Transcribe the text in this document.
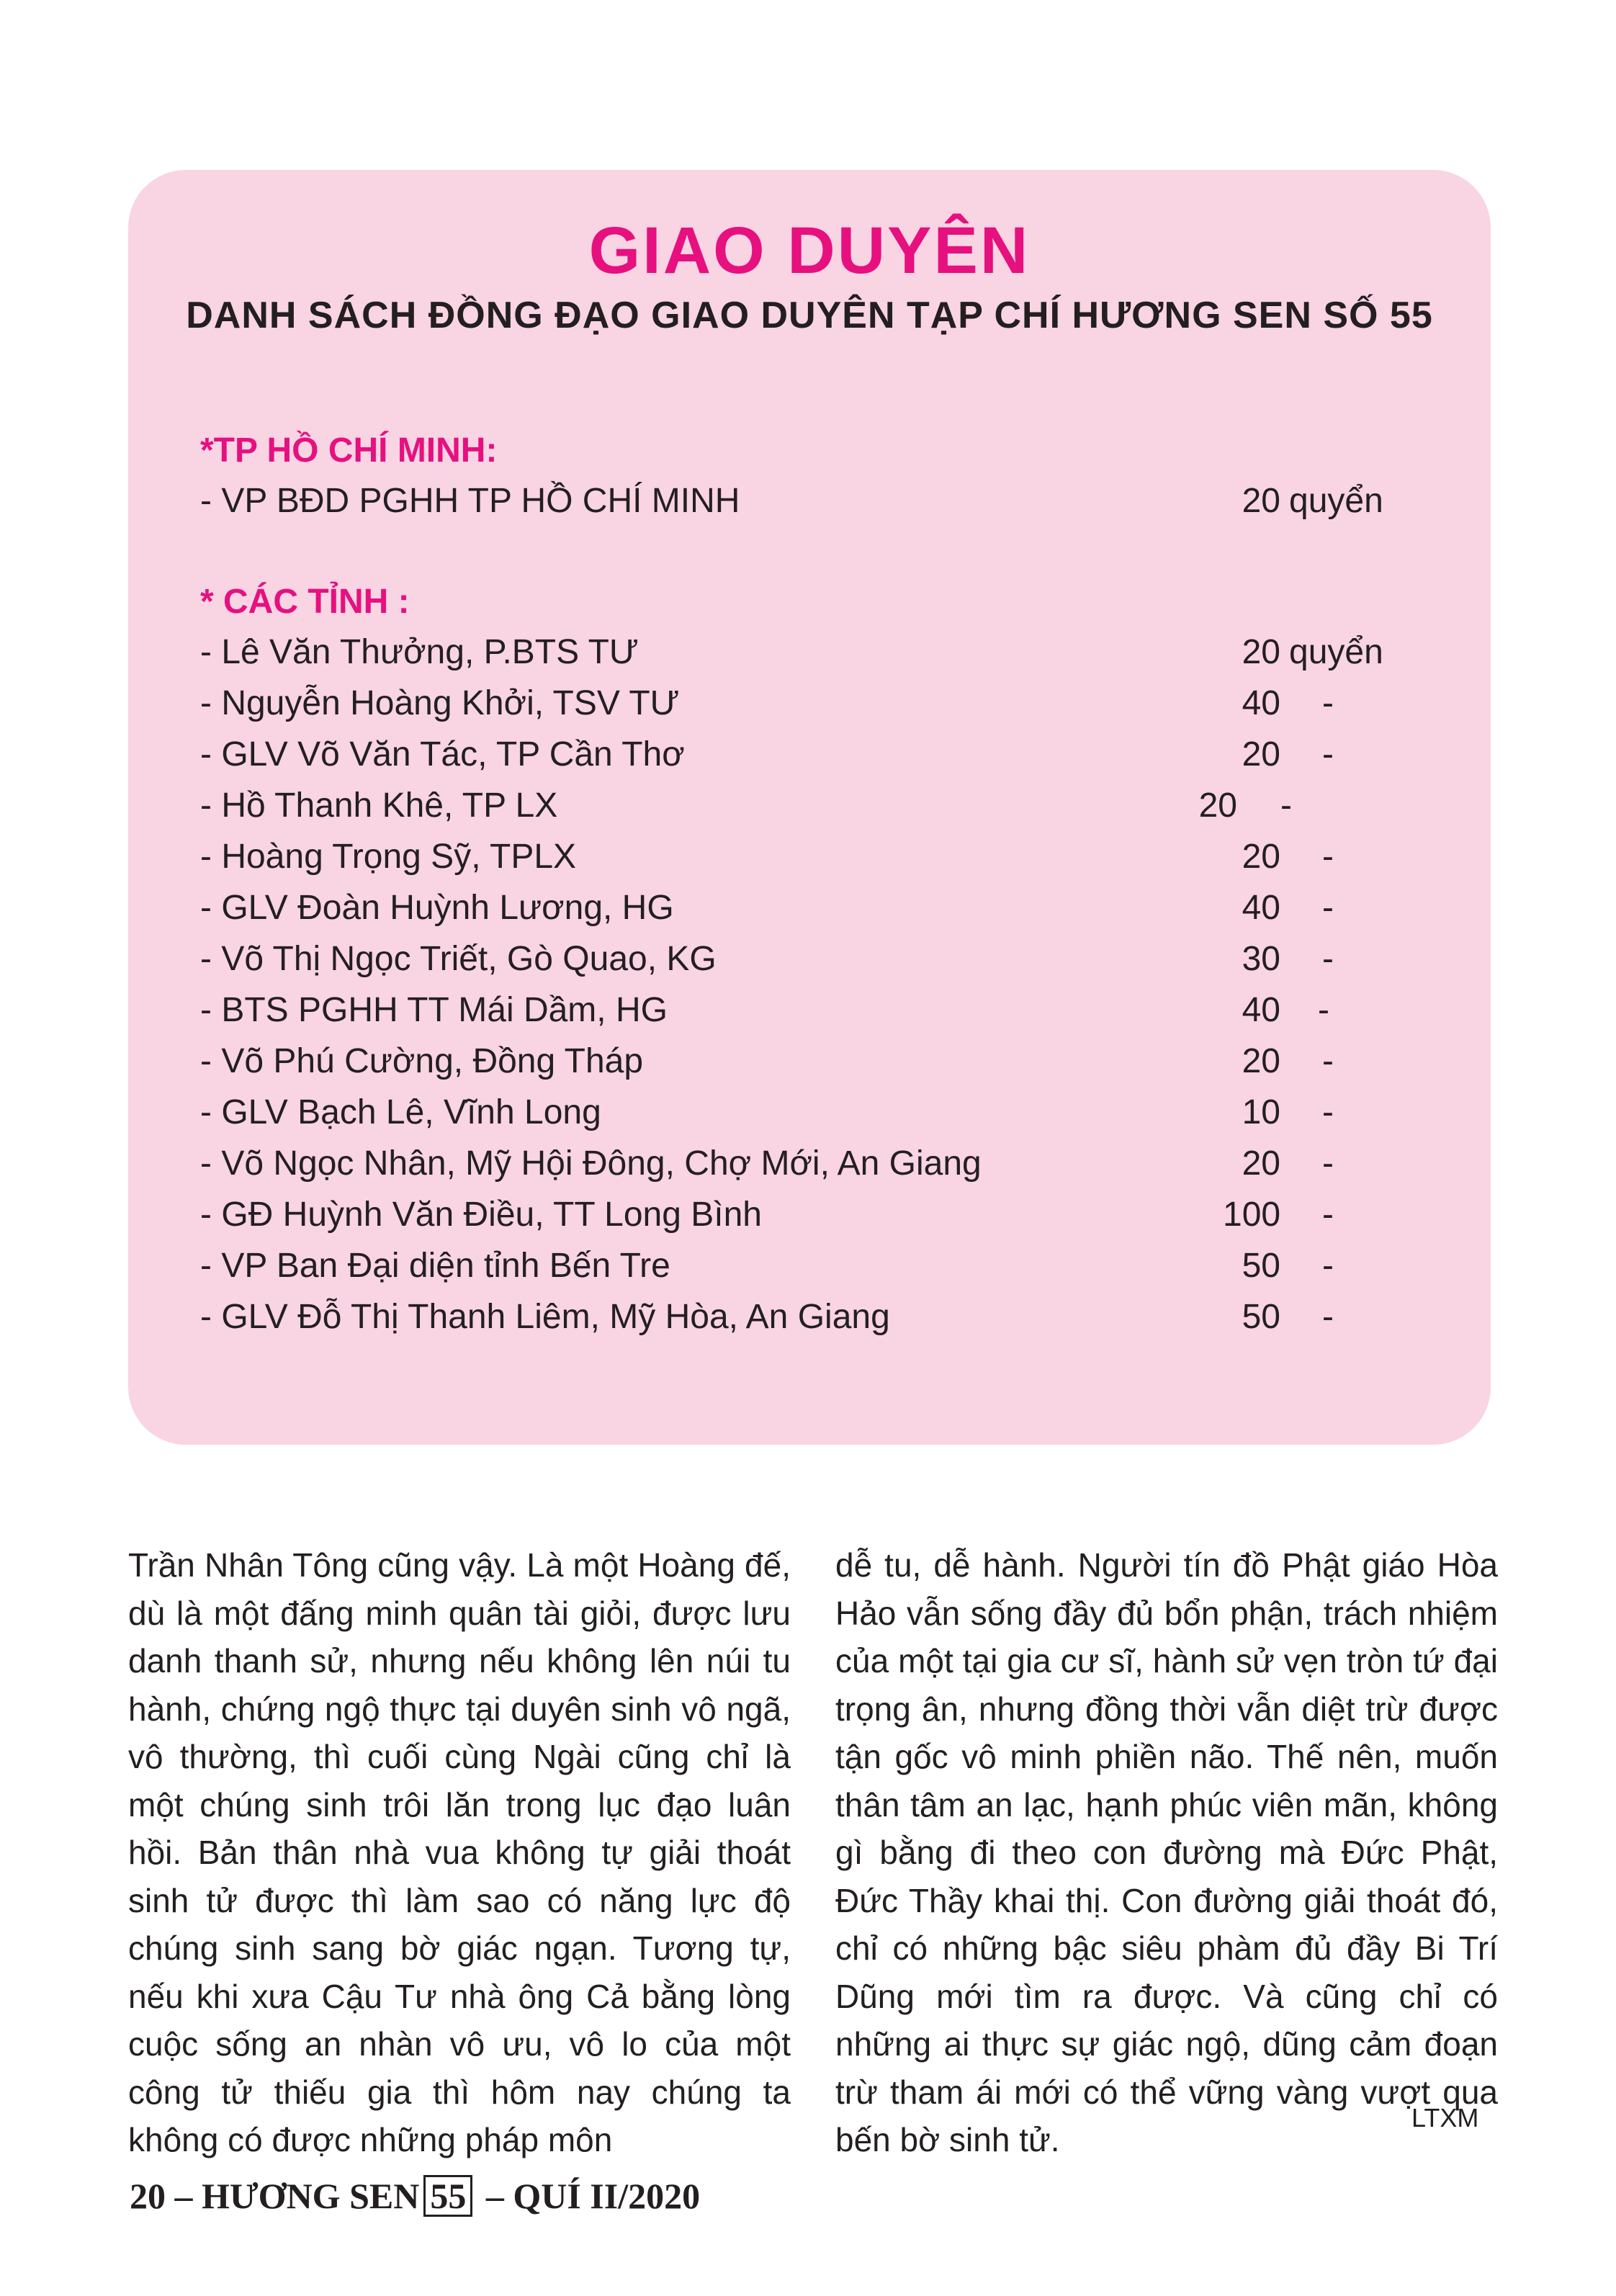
GIAO DUYÊN
DANH SÁCH ĐỒNG ĐẠO GIAO DUYÊN TẠP CHÍ HƯƠNG SEN SỐ 55
*TP HỒ CHÍ MINH:
- VP BĐD PGHH TP HỒ CHÍ MINH	20 quyển
* CÁC TỈNH :
- Lê Văn Thưởng, P.BTS TƯ	20 quyển
- Nguyễn Hoàng Khởi, TSV TƯ	40 -
- GLV Võ Văn Tác, TP Cần Thơ	20 -
- Hồ Thanh Khê, TP LX	20 -
- Hoàng Trọng Sỹ, TPLX	20 -
- GLV Đoàn Huỳnh Lương, HG	40 -
- Võ Thị Ngọc Triết, Gò Quao, KG	30 -
- BTS PGHH TT Mái Dầm, HG	40 -
- Võ Phú Cường, Đồng Tháp	20 -
- GLV Bạch Lê, Vĩnh Long	10 -
- Võ Ngọc Nhân, Mỹ Hội Đông, Chợ Mới, An Giang	20 -
- GĐ Huỳnh Văn Điều, TT Long Bình	100 -
- VP Ban Đại diện tỉnh Bến Tre	50 -
- GLV Đỗ Thị Thanh Liêm, Mỹ Hòa, An Giang	50 -

Trần Nhân Tông cũng vậy. Là một Hoàng đế, dù là một đấng minh quân tài giỏi, được lưu danh thanh sử, nhưng nếu không lên núi tu hành, chứng ngộ thực tại duyên sinh vô ngã, vô thường, thì cuối cùng Ngài cũng chỉ là một chúng sinh trôi lăn trong lục đạo luân hồi. Bản thân nhà vua không tự giải thoát sinh tử được thì làm sao có năng lực độ chúng sinh sang bờ giác ngạn. Tương tự, nếu khi xưa Cậu Tư nhà ông Cả bằng lòng cuộc sống an nhàn vô ưu, vô lo của một công tử thiếu gia thì hôm nay chúng ta không có được những pháp môn

dễ tu, dễ hành. Người tín đồ Phật giáo Hòa Hảo vẫn sống đầy đủ bổn phận, trách nhiệm của một tại gia cư sĩ, hành sử vẹn tròn tứ đại trọng ân, nhưng đồng thời vẫn diệt trừ được tận gốc vô minh phiền não. Thế nên, muốn thân tâm an lạc, hạnh phúc viên mãn, không gì bằng đi theo con đường mà Đức Phật, Đức Thầy khai thị. Con đường giải thoát đó, chỉ có những bậc siêu phàm đủ đầy Bi Trí Dũng mới tìm ra được. Và cũng chỉ có những ai thực sự giác ngộ, dũng cảm đoạn trừ tham ái mới có thể vững vàng vượt qua bến bờ sinh tử.

LTXM
20 – HƯƠNG SEN 55 – QUÍ II/2020
